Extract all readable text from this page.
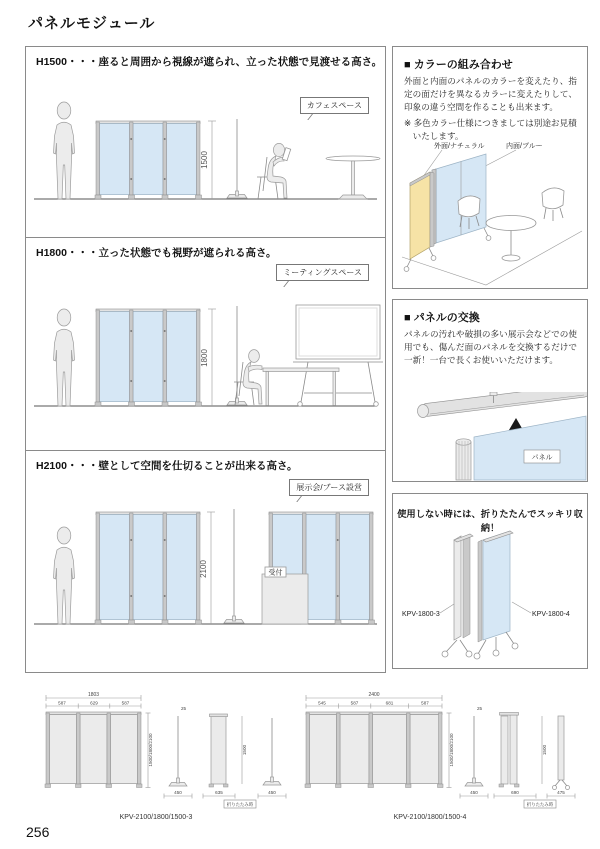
パネルモジュール
H1500・・・座ると周囲から視線が遮られ、立った状態で見渡せる高さ。
カフェスペース
1500
H1800・・・立った状態でも視野が遮られる高さ。
ミーティングスペース
1800
H2100・・・壁として空間を仕切ることが出来る高さ。
展示会/ブース設営
2100	受付
■ カラーの組み合わせ
外面と内面のパネルのカラーを変えたり、指定の面だけを異なるカラーに変えたりして、印象の違う空間を作ることも出来ます。
※ 多色カラー仕様につきましては別途お見積いたします。
外面/ナチュラル	内面/ブルー
■ パネルの交換
パネルの汚れや破損の多い展示会などでの使用でも、傷んだ面のパネルを交換するだけで一新！一台で長くお使いいただけます。
パネル
使用しない時には、折りたたんでスッキリ収納！
KPV-1800-3	KPV-1800-4
1803
587	629	587
1500/1800/2100
25
450	635
1500
折りたたみ時
450
KPV-2100/1800/1500-3
2400
545	587	681	587
1500/1800/2100
25
450	690
1500
折りたたみ時
475
KPV-2100/1800/1500-4
256
